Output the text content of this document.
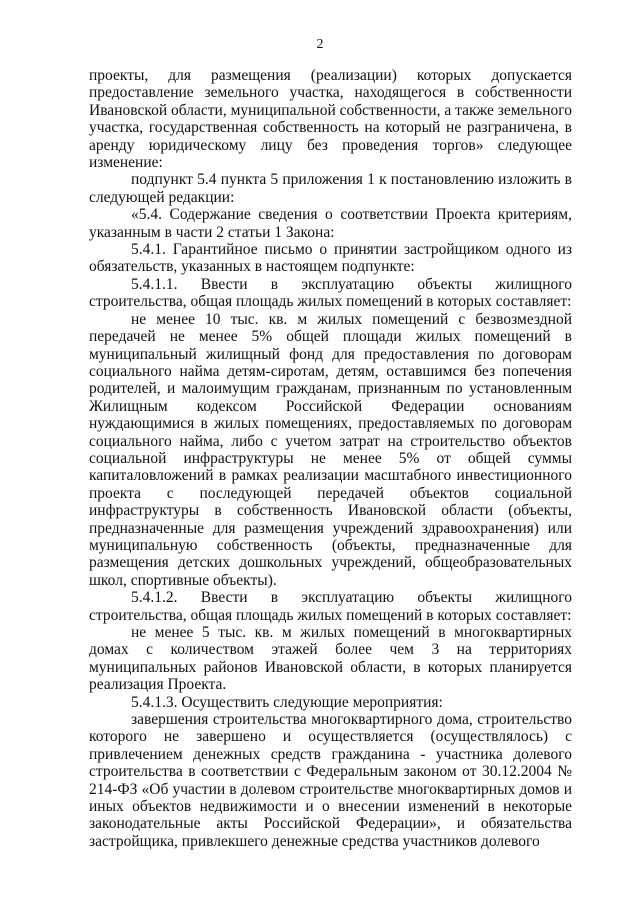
2

проекты, для размещения (реализации) которых допускается предоставление земельного участка, находящегося в собственности Ивановской области, муниципальной собственности, а также земельного участка, государственная собственность на который не разграничена, в аренду юридическому лицу без проведения торгов» следующее изменение:

подпункт 5.4 пункта 5 приложения 1 к постановлению изложить в следующей редакции:

«5.4. Содержание сведения о соответствии Проекта критериям, указанным в части 2 статьи 1 Закона:

5.4.1. Гарантийное письмо о принятии застройщиком одного из обязательств, указанных в настоящем подпункте:

5.4.1.1. Ввести в эксплуатацию объекты жилищного строительства, общая площадь жилых помещений в которых составляет:

не менее 10 тыс. кв. м жилых помещений с безвозмездной передачей не менее 5% общей площади жилых помещений в муниципальный жилищный фонд для предоставления по договорам социального найма детям-сиротам, детям, оставшимся без попечения родителей, и малоимущим гражданам, признанным по установленным Жилищным кодексом Российской Федерации основаниям нуждающимися в жилых помещениях, предоставляемых по договорам социального найма, либо с учетом затрат на строительство объектов социальной инфраструктуры не менее 5% от общей суммы капиталовложений в рамках реализации масштабного инвестиционного проекта с последующей передачей объектов социальной инфраструктуры в собственность Ивановской области (объекты, предназначенные для размещения учреждений здравоохранения) или муниципальную собственность (объекты, предназначенные для размещения детских дошкольных учреждений, общеобразовательных школ, спортивные объекты).

5.4.1.2. Ввести в эксплуатацию объекты жилищного строительства, общая площадь жилых помещений в которых составляет:

не менее 5 тыс. кв. м жилых помещений в многоквартирных домах с количеством этажей более чем 3 на территориях муниципальных районов Ивановской области, в которых планируется реализация Проекта.

5.4.1.3. Осуществить следующие мероприятия:

завершения строительства многоквартирного дома, строительство которого не завершено и осуществляется (осуществлялось) с привлечением денежных средств гражданина - участника долевого строительства в соответствии с Федеральным законом от 30.12.2004 № 214-ФЗ «Об участии в долевом строительстве многоквартирных домов и иных объектов недвижимости и о внесении изменений в некоторые законодательные акты Российской Федерации», и обязательства застройщика, привлекшего денежные средства участников долевого
